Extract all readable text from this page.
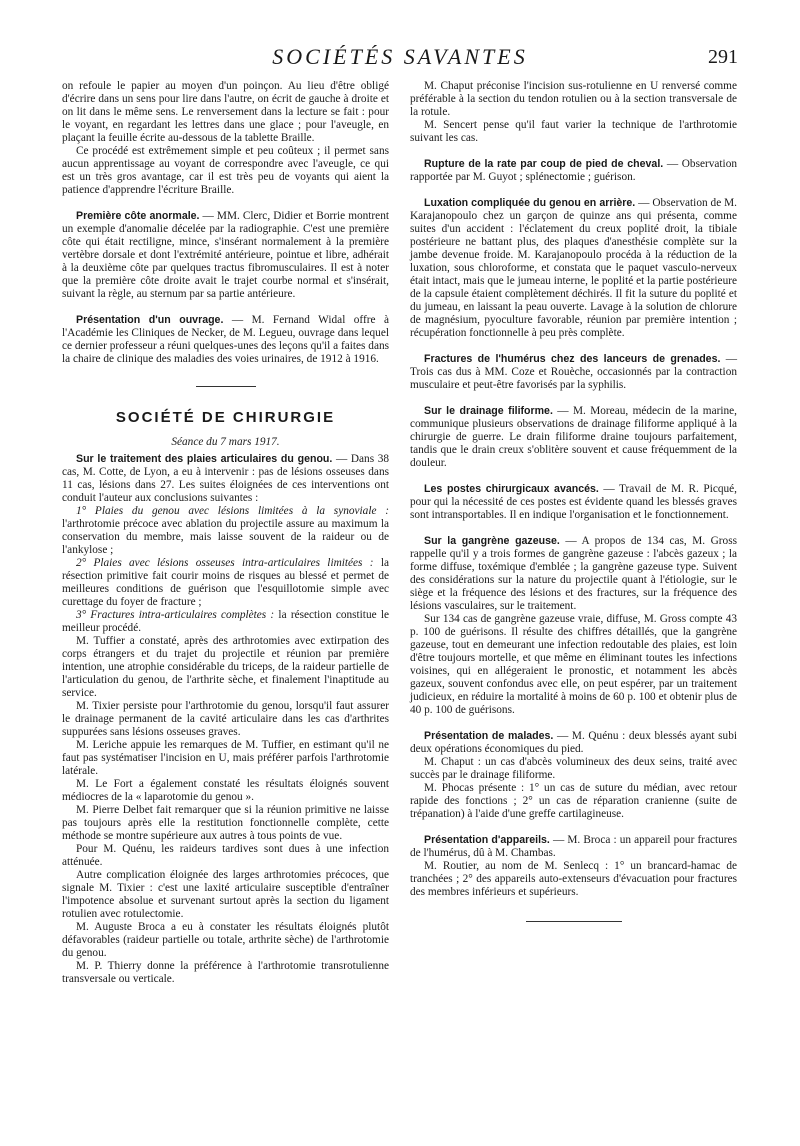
SOCIÉTÉS SAVANTES	291

on refoule le papier au moyen d'un poinçon. Au lieu d'être obligé d'écrire dans un sens pour lire dans l'autre, on écrit de gauche à droite et on lit dans le même sens. Le renversement dans la lecture se fait : pour le voyant, en regardant les lettres dans une glace ; pour l'aveugle, en plaçant la feuille écrite au-dessous de la tablette Braille.

Ce procédé est extrêmement simple et peu coûteux ; il permet sans aucun apprentissage au voyant de correspondre avec l'aveugle, ce qui est un très gros avantage, car il est très peu de voyants qui aient la patience d'apprendre l'écriture Braille.

Première côte anormale. — MM. Clerc, Didier et Borrie montrent un exemple d'anomalie décelée par la radiographie. C'est une première côte qui était rectiligne, mince, s'insérant normalement à la première vertèbre dorsale et dont l'extrémité antérieure, pointue et libre, adhérait à la deuxième côte par quelques tractus fibromusculaires. Il est à noter que la première côte droite avait le trajet courbe normal et s'insérait, suivant la règle, au sternum par sa partie antérieure.

Présentation d'un ouvrage. — M. Fernand Widal offre à l'Académie les Cliniques de Necker, de M. Legueu, ouvrage dans lequel ce dernier professeur a réuni quelques-unes des leçons qu'il a faites dans la chaire de clinique des maladies des voies urinaires, de 1912 à 1916.

SOCIÉTÉ DE CHIRURGIE

Séance du 7 mars 1917.

Sur le traitement des plaies articulaires du genou. — Dans 38 cas, M. Cotte, de Lyon, a eu à intervenir : pas de lésions osseuses dans 11 cas, lésions dans 27. Les suites éloignées de ces interventions ont conduit l'auteur aux conclusions suivantes :

1° Plaies du genou avec lésions limitées à la synoviale : l'arthrotomie précoce avec ablation du projectile assure au maximum la conservation du membre, mais laisse souvent de la raideur ou de l'ankylose ;

2° Plaies avec lésions osseuses intra-articulaires limitées : la résection primitive fait courir moins de risques au blessé et permet de meilleures conditions de guérison que l'esquillotomie simple avec curettage du foyer de fracture ;

3° Fractures intra-articulaires complètes : la résection constitue le meilleur procédé.

M. Tuffier a constaté, après des arthrotomies avec extirpation des corps étrangers et du trajet du projectile et réunion par première intention, une atrophie considérable du triceps, de la raideur partielle de l'articulation du genou, de l'arthrite sèche, et finalement l'inaptitude au service.

M. Tixier persiste pour l'arthrotomie du genou, lorsqu'il faut assurer le drainage permanent de la cavité articulaire dans les cas d'arthrites suppurées sans lésions osseuses graves.

M. Leriche appuie les remarques de M. Tuffier, en estimant qu'il ne faut pas systématiser l'incision en U, mais préférer parfois l'arthrotomie latérale.

M. Le Fort a également constaté les résultats éloignés souvent médiocres de la « laparotomie du genou ».

M. Pierre Delbet fait remarquer que si la réunion primitive ne laisse pas toujours après elle la restitution fonctionnelle complète, cette méthode se montre supérieure aux autres à tous points de vue.

Pour M. Quénu, les raideurs tardives sont dues à une infection atténuée.

Autre complication éloignée des larges arthrotomies précoces, que signale M. Tixier : c'est une laxité articulaire susceptible d'entraîner l'impotence absolue et survenant surtout après la section du ligament rotulien avec rotulectomie.

M. Auguste Broca a eu à constater les résultats éloignés plutôt défavorables (raideur partielle ou totale, arthrite sèche) de l'arthrotomie du genou.

M. P. Thierry donne la préférence à l'arthrotomie transrotulienne transversale ou verticale.

M. Chaput préconise l'incision sus-rotulienne en U renversé comme préférable à la section du tendon rotulien ou à la section transversale de la rotule.

M. Sencert pense qu'il faut varier la technique de l'arthrotomie suivant les cas.

Rupture de la rate par coup de pied de cheval. — Observation rapportée par M. Guyot ; splénectomie ; guérison.

Luxation compliquée du genou en arrière. — Observation de M. Karajanopoulo chez un garçon de quinze ans qui présenta, comme suites d'un accident : l'éclatement du creux poplité droit, la tibiale postérieure ne battant plus, des plaques d'anesthésie complète sur la jambe devenue froide. M. Karajanopoulo procéda à la réduction de la luxation, sous chloroforme, et constata que le paquet vasculo-nerveux était intact, mais que le jumeau interne, le poplité et la partie postérieure de la capsule étaient complètement déchirés. Il fit la suture du poplité et du jumeau, en laissant la peau ouverte. Lavage à la solution de chlorure de magnésium, pyoculture favorable, réunion par première intention ; récupération fonctionnelle à peu près complète.

Fractures de l'humérus chez des lanceurs de grenades. — Trois cas dus à MM. Coze et Rouèche, occasionnés par la contraction musculaire et peut-être favorisés par la syphilis.

Sur le drainage filiforme. — M. Moreau, médecin de la marine, communique plusieurs observations de drainage filiforme appliqué à la chirurgie de guerre. Le drain filiforme draine toujours parfaitement, tandis que le drain creux s'oblitère souvent et cause fréquemment de la douleur.

Les postes chirurgicaux avancés. — Travail de M. R. Picqué, pour qui la nécessité de ces postes est évidente quand les blessés graves sont intransportables. Il en indique l'organisation et le fonctionnement.

Sur la gangrène gazeuse. — A propos de 134 cas, M. Gross rappelle qu'il y a trois formes de gangrène gazeuse : l'abcès gazeux ; la forme diffuse, toxémique d'emblée ; la gangrène gazeuse type. Suivent des considérations sur la nature du projectile quant à l'étiologie, sur le siège et la fréquence des lésions et des fractures, sur la fréquence des lésions vasculaires, sur le traitement.

Sur 134 cas de gangrène gazeuse vraie, diffuse, M. Gross compte 43 p. 100 de guérisons. Il résulte des chiffres détaillés, que la gangrène gazeuse, tout en demeurant une infection redoutable des plaies, est loin d'être toujours mortelle, et que même en éliminant toutes les infections voisines, qui en allégeraient le pronostic, et notamment les abcès gazeux, souvent confondus avec elle, on peut espérer, par un traitement judicieux, en réduire la mortalité à moins de 60 p. 100 et obtenir plus de 40 p. 100 de guérisons.

Présentation de malades. — M. Quénu : deux blessés ayant subi deux opérations économiques du pied.

M. Chaput : un cas d'abcès volumineux des deux seins, traité avec succès par le drainage filiforme.

M. Phocas présente : 1° un cas de suture du médian, avec retour rapide des fonctions ; 2° un cas de réparation cranienne (suite de trépanation) à l'aide d'une greffe cartilagineuse.

Présentation d'appareils. — M. Broca : un appareil pour fractures de l'humérus, dû à M. Chambas.

M. Routier, au nom de M. Senlecq : 1° un brancard-hamac de tranchées ; 2° des appareils auto-extenseurs d'évacuation pour fractures des membres inférieurs et supérieurs.
